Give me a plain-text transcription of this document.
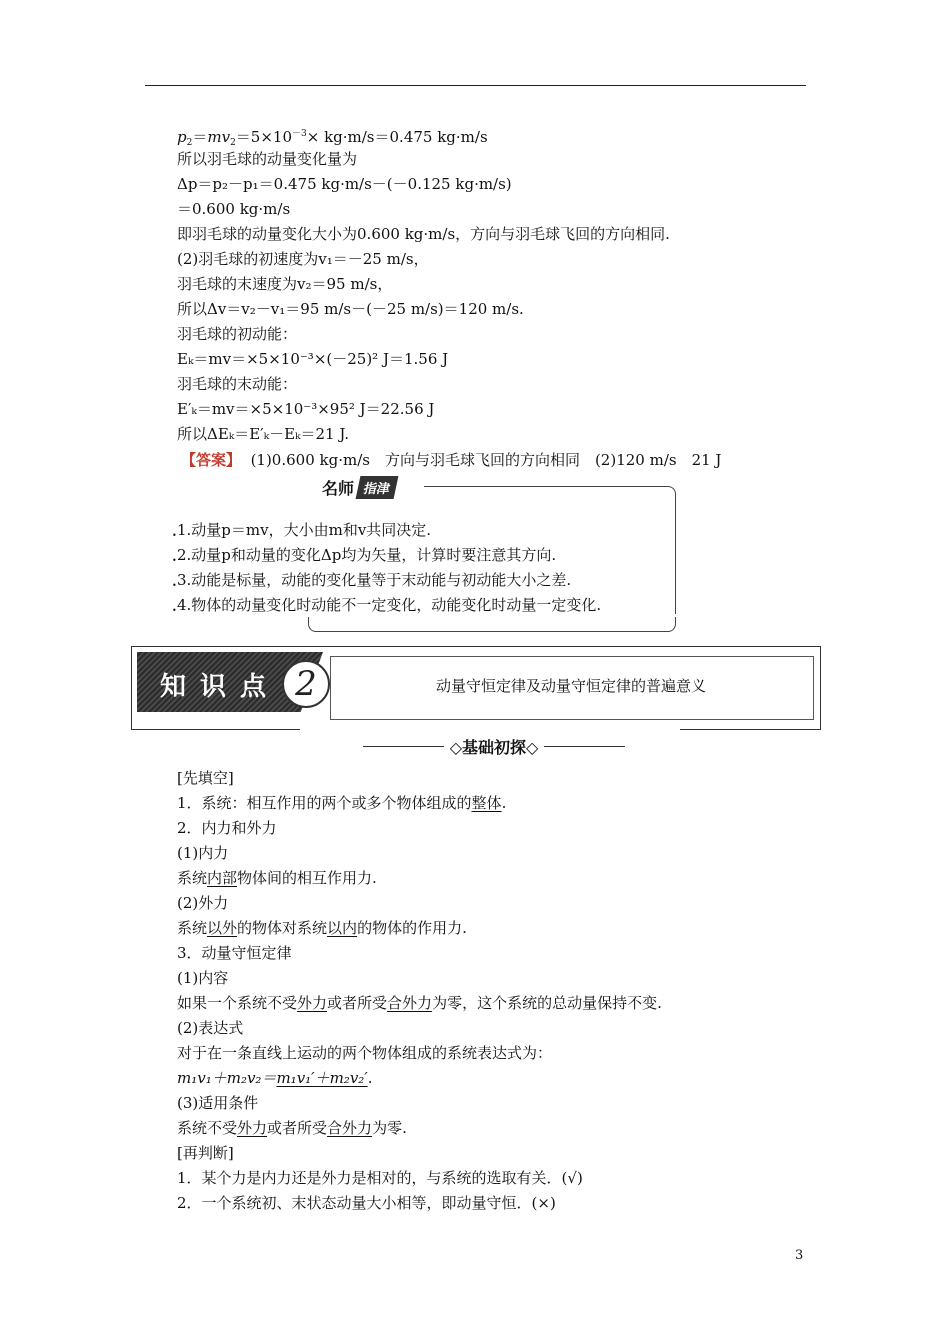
$p_2=mv_2=5\times 10^{-3}\times kg\cdot m/s=0.475$ kg·m/s
所以羽毛球的动量变化量为
Δp＝p₂－p₁＝0.475 kg·m/s－(－0.125 kg·m/s)
＝0.600 kg·m/s
即羽毛球的动量变化大小为0.600 kg·m/s，方向与羽毛球飞回的方向相同.
(2)羽毛球的初速度为v₁＝－25 m/s，
羽毛球的末速度为v₂＝95 m/s，
所以Δv＝v₂－v₁＝95 m/s－(－25 m/s)＝120 m/s.
羽毛球的初动能：
Eₖ＝mv＝×5×10⁻³×(－25)² J＝1.56 J
羽毛球的末动能：
E′ₖ＝mv＝×5×10⁻³×95² J＝22.56 J
所以ΔEₖ＝E′ₖ－Eₖ＝21 J.
【答案】 (1)0.600 kg·m/s　方向与羽毛球飞回的方向相同　(2)120 m/s　21 J
名师 指津
•
•
•
•
1.动量p＝mv，大小由m和v共同决定.
2.动量p和动量的变化Δp均为矢量，计算时要注意其方向.
3.动能是标量，动能的变化量等于末动能与初动能大小之差.
4.物体的动量变化时动能不一定变化，动能变化时动量一定变化.
知识点 2	动量守恒定律及动量守恒定律的普遍意义
◇基础初探◇
[先填空]
1．系统：相互作用的两个或多个物体组成的整体.
2．内力和外力
(1)内力
系统内部物体间的相互作用力.
(2)外力
系统以外的物体对系统以内的物体的作用力.
3．动量守恒定律
(1)内容
如果一个系统不受外力或者所受合外力为零，这个系统的总动量保持不变.
(2)表达式
对于在一条直线上运动的两个物体组成的系统表达式为：
m₁v₁＋m₂v₂＝m₁v₁′＋m₂v₂′.
(3)适用条件
系统不受外力或者所受合外力为零.
[再判断]
1．某个力是内力还是外力是相对的，与系统的选取有关．(√)
2．一个系统初、末状态动量大小相等，即动量守恒．(×)
3
